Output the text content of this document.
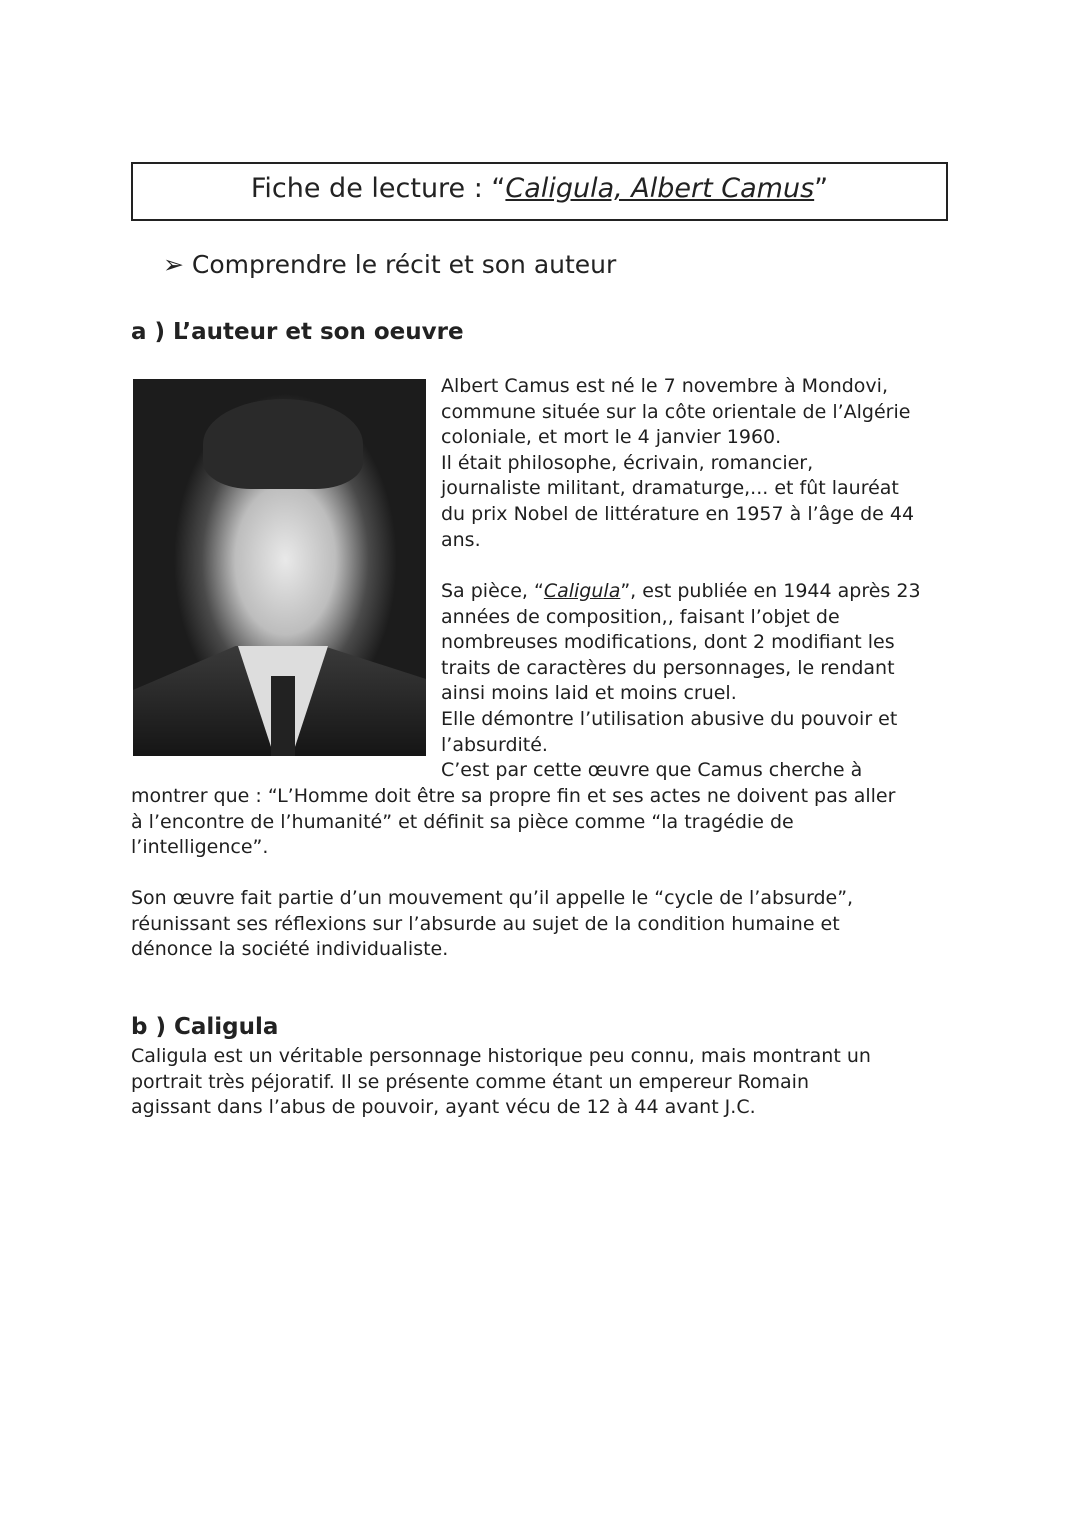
Fiche de lecture : “Caligula, Albert Camus”
➢ Comprendre le récit et son auteur
a ) L’auteur et son oeuvre
b ) Caligula
Albert Camus est né le 7 novembre à Mondovi,
commune située sur la côte orientale de l’Algérie
coloniale, et mort le 4 janvier 1960.
Il était philosophe, écrivain, romancier,
journaliste militant, dramaturge,... et fût lauréat
du prix Nobel de littérature en 1957 à l’âge de 44
ans.
Sa pièce, “Caligula”, est publiée en 1944 après 23
années de composition,, faisant l’objet de
nombreuses modifications, dont 2 modifiant les
traits de caractères du personnages, le rendant
ainsi moins laid et moins cruel.
Elle démontre l’utilisation abusive du pouvoir et
l’absurdité.
C’est par cette œuvre que Camus cherche à
montrer que : “L’Homme doit être sa propre fin et ses actes ne doivent pas aller
à l’encontre de l’humanité” et définit sa pièce comme “la tragédie de
l’intelligence”.
Son œuvre fait partie d’un mouvement qu’il appelle le “cycle de l’absurde”,
réunissant ses réflexions sur l’absurde au sujet de la condition humaine et
dénonce la société individualiste.
Caligula est un véritable personnage historique peu connu, mais montrant un
portrait très péjoratif. Il se présente comme étant un empereur Romain
agissant dans l’abus de pouvoir, ayant vécu de 12 à 44 avant J.C.
